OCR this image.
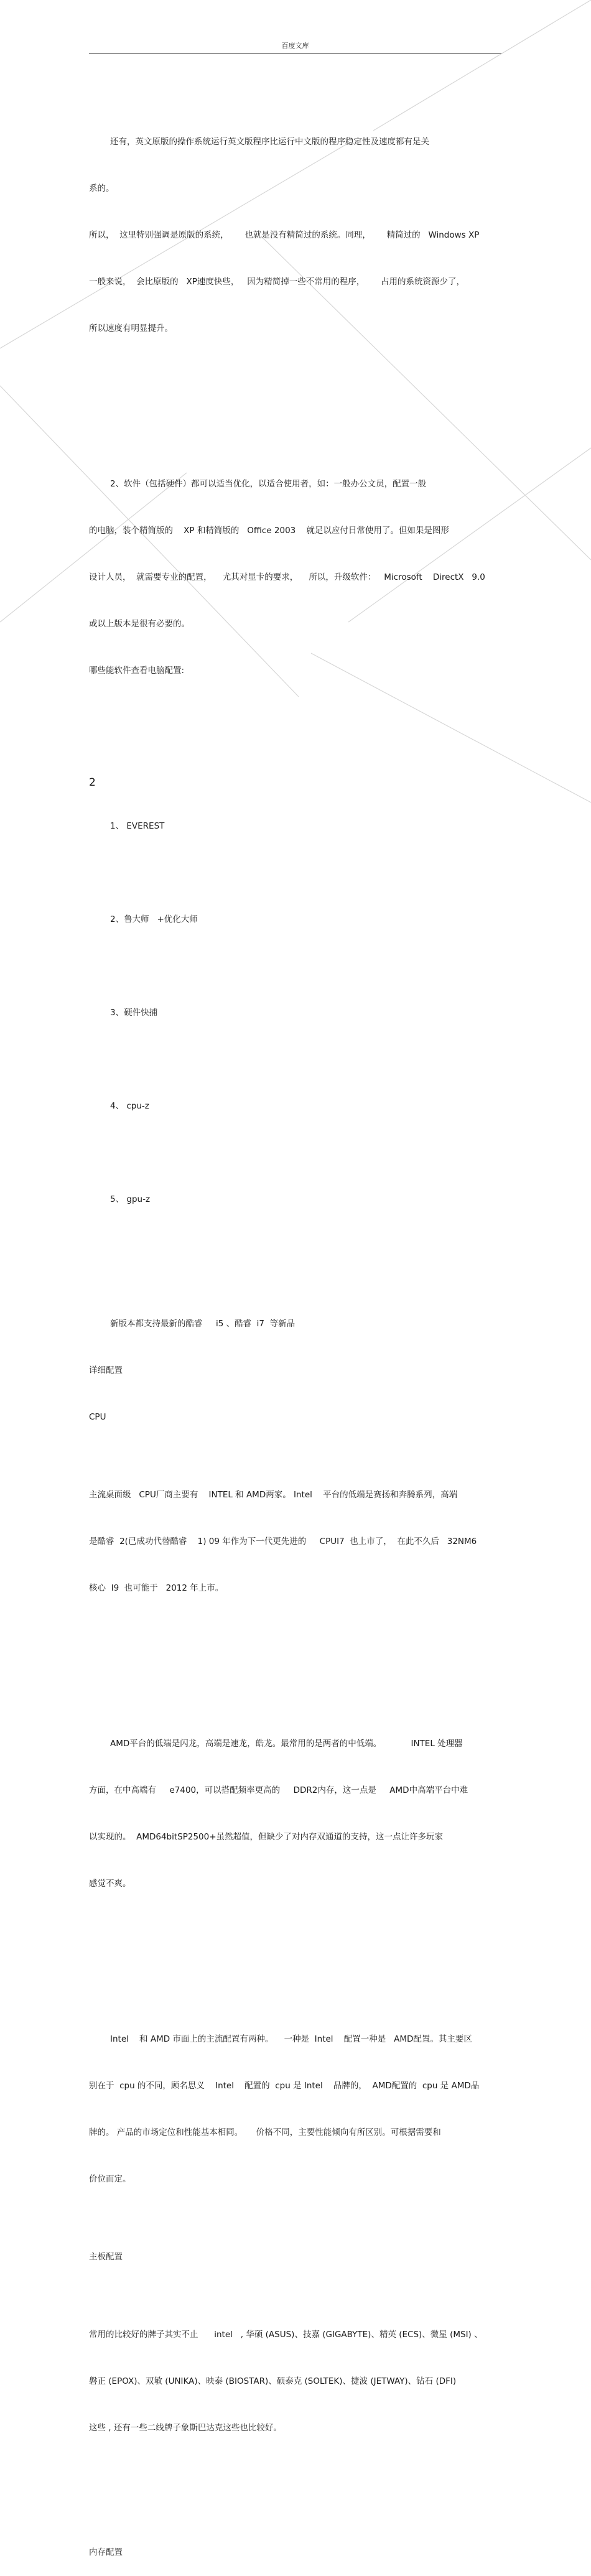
百度文库

还有，英文原版的操作系统运行英文版程序比运行中文版的程序稳定性及速度都有是关

系的。

所以，  这里特别强调是原版的系统，      也就是没有精简过的系统。同理，      精简过的   Windows XP

一般来说，  会比原版的   XP速度快些，   因为精简掉一些不常用的程序，      占用的系统资源少了，

所以速度有明显提升。

2、软件（包括硬件）都可以适当优化，以适合使用者，如：一般办公文员，配置一般

的电脑，装个精简版的    XP 和精简版的   Office 2003    就足以应付日常使用了。但如果是图形

设计人员，  就需要专业的配置，    尤其对显卡的要求，    所以，升级软件：   Microsoft    DirectX   9.0

或以上版本是很有必要的。

哪些能软件查看电脑配置:

1、 EVEREST

2、鲁大师   +优化大师

3、硬件快捕

4、 cpu-z

5、 gpu-z

新版本都支持最新的酷睿     i5 、酷睿  i7  等新品

详细配置

CPU

主流桌面级   CPU厂商主要有    INTEL 和 AMD两家。 Intel    平台的低端是赛扬和奔腾系列，高端

是酷睿  2(已成功代替酷睿    1) 09 年作为下一代更先进的     CPUI7  也上市了，  在此不久后   32NM6

核心  I9  也可能于   2012 年上市。

AMD平台的低端是闪龙，高端是速龙，皓龙。最常用的是两者的中低端。           INTEL 处理器

方面，在中高端有     e7400，可以搭配频率更高的     DDR2内存，这一点是     AMD中高端平台中难

以实现的。  AMD64bitSP2500+虽然超值，但缺少了对内存双通道的支持，这一点让许多玩家

感觉不爽。

Intel    和 AMD 市面上的主流配置有两种。    一种是  Intel    配置一种是   AMD配置。其主要区

别在于  cpu 的不同，顾名思义    Intel    配置的  cpu 是 Intel    品牌的，  AMD配置的  cpu 是 AMD品

牌的。 产品的市场定位和性能基本相同。     价格不同，主要性能倾向有所区别。可根据需要和

价位而定。

主板配置

常用的比较好的牌子其实不止      intel   , 华硕 (ASUS)、技嘉 (GIGABYTE)、精英 (ECS)、微星 (MSI) 、

磐正 (EPOX)、双敏 (UNIKA)、映泰 (BIOSTAR)、硕泰克 (SOLTEK)、捷波 (JETWAY)、钻石 (DFI)

这些 , 还有一些二线牌子象斯巴达克这些也比较好。

内存配置

2
